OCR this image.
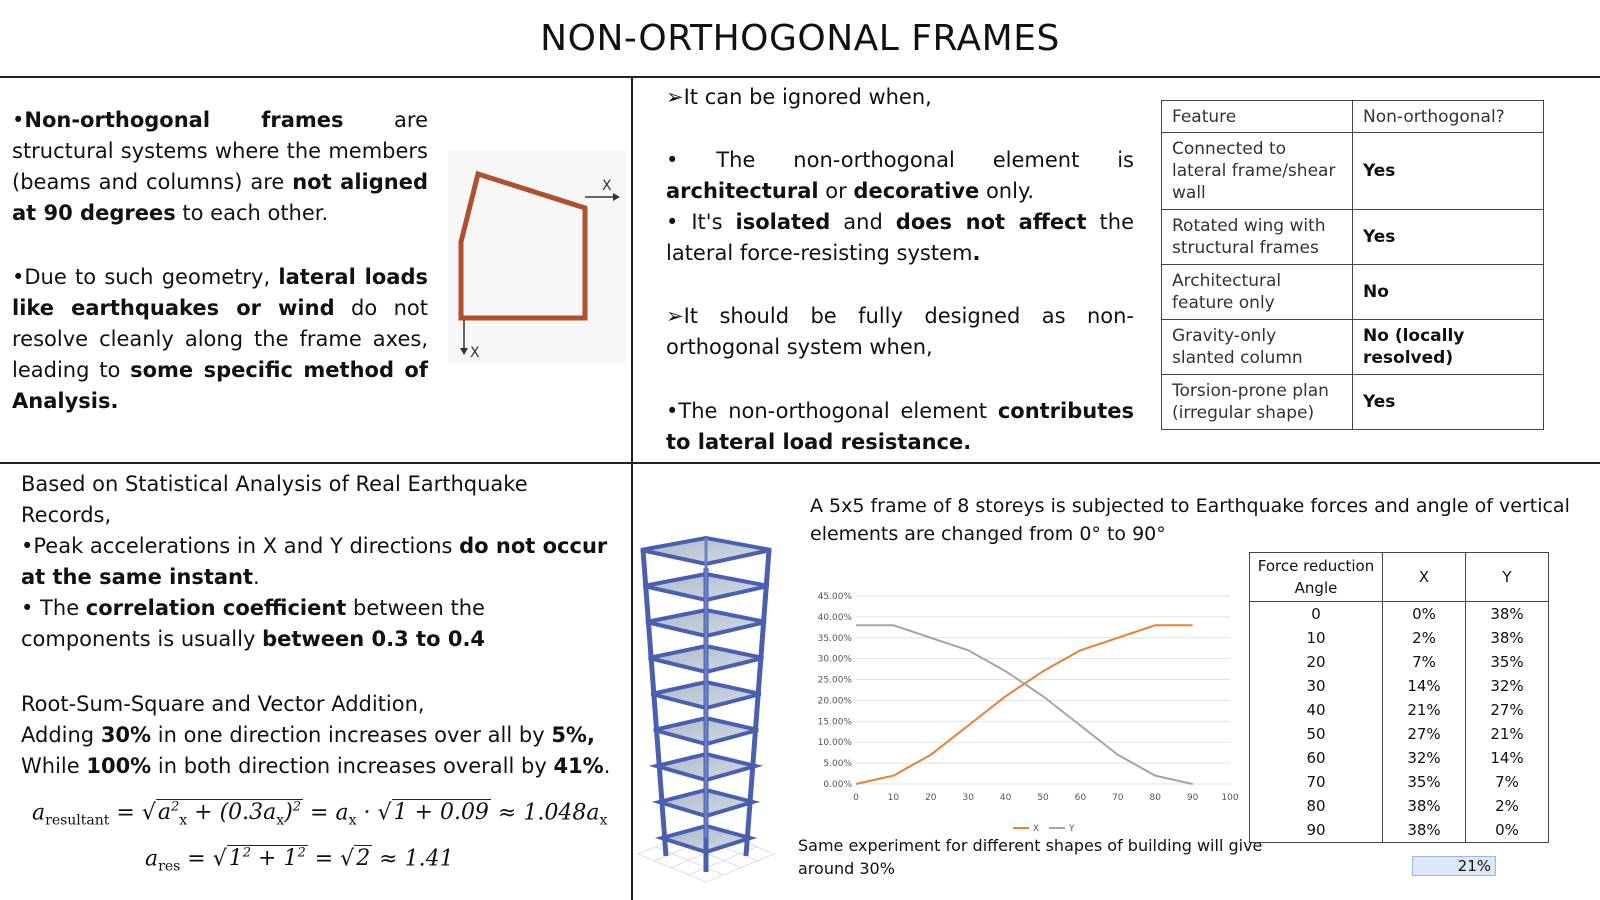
NON-ORTHOGONAL FRAMES
•Non-orthogonal frames are structural systems where the members (beams and columns) are not aligned at 90 degrees to each other.
•Due to such geometry, lateral loads like earthquakes or wind do not resolve cleanly along the frame axes, leading to some specific method of Analysis.
X
X
➢It can be ignored when,
• The non-orthogonal element is architectural or decorative only.
• It's isolated and does not affect the lateral force-resisting system.
➢It should be fully designed as non-orthogonal system when,
•The non-orthogonal element contributes to lateral load resistance.
Feature	Non-orthogonal?
Connected to lateral frame/shear wall	Yes
Rotated wing with structural frames	Yes
Architectural feature only	No
Gravity-only slanted column	No (locally resolved)
Torsion-prone plan (irregular shape)	Yes
Based on Statistical Analysis of Real Earthquake Records,
•Peak accelerations in X and Y directions do not occur at the same instant.
• The correlation coefficient between the components is usually between 0.3 to 0.4
Root-Sum-Square and Vector Addition,
Adding 30% in one direction increases over all by 5%,
While 100% in both direction increases overall by 41%.
$a_{resultant} = √a^2_x + (0.3a_x)^2 = a_x \cdot √1 + 0.09 \approx 1.048a_x$
$a_{res} = √1^2 + 1^2 = √2 \approx 1.41$
A 5x5 frame of 8 storeys is subjected to Earthquake forces and angle of vertical elements are changed from 0° to 90°
0.00%
5.00%
10.00%
15.00%
20.00%
25.00%
30.00%
35.00%
40.00%
45.00%
0	10	20	30	40	50	60	70	80	90	100
X	Y
Same experiment for different shapes of building will give around 30%
Force reduction Angle	X	Y
0	0%	38%
10	2%	38%
20	7%	35%
30	14%	32%
40	21%	27%
50	27%	21%
60	32%	14%
70	35%	7%
80	38%	2%
90	38%	0%
21%
